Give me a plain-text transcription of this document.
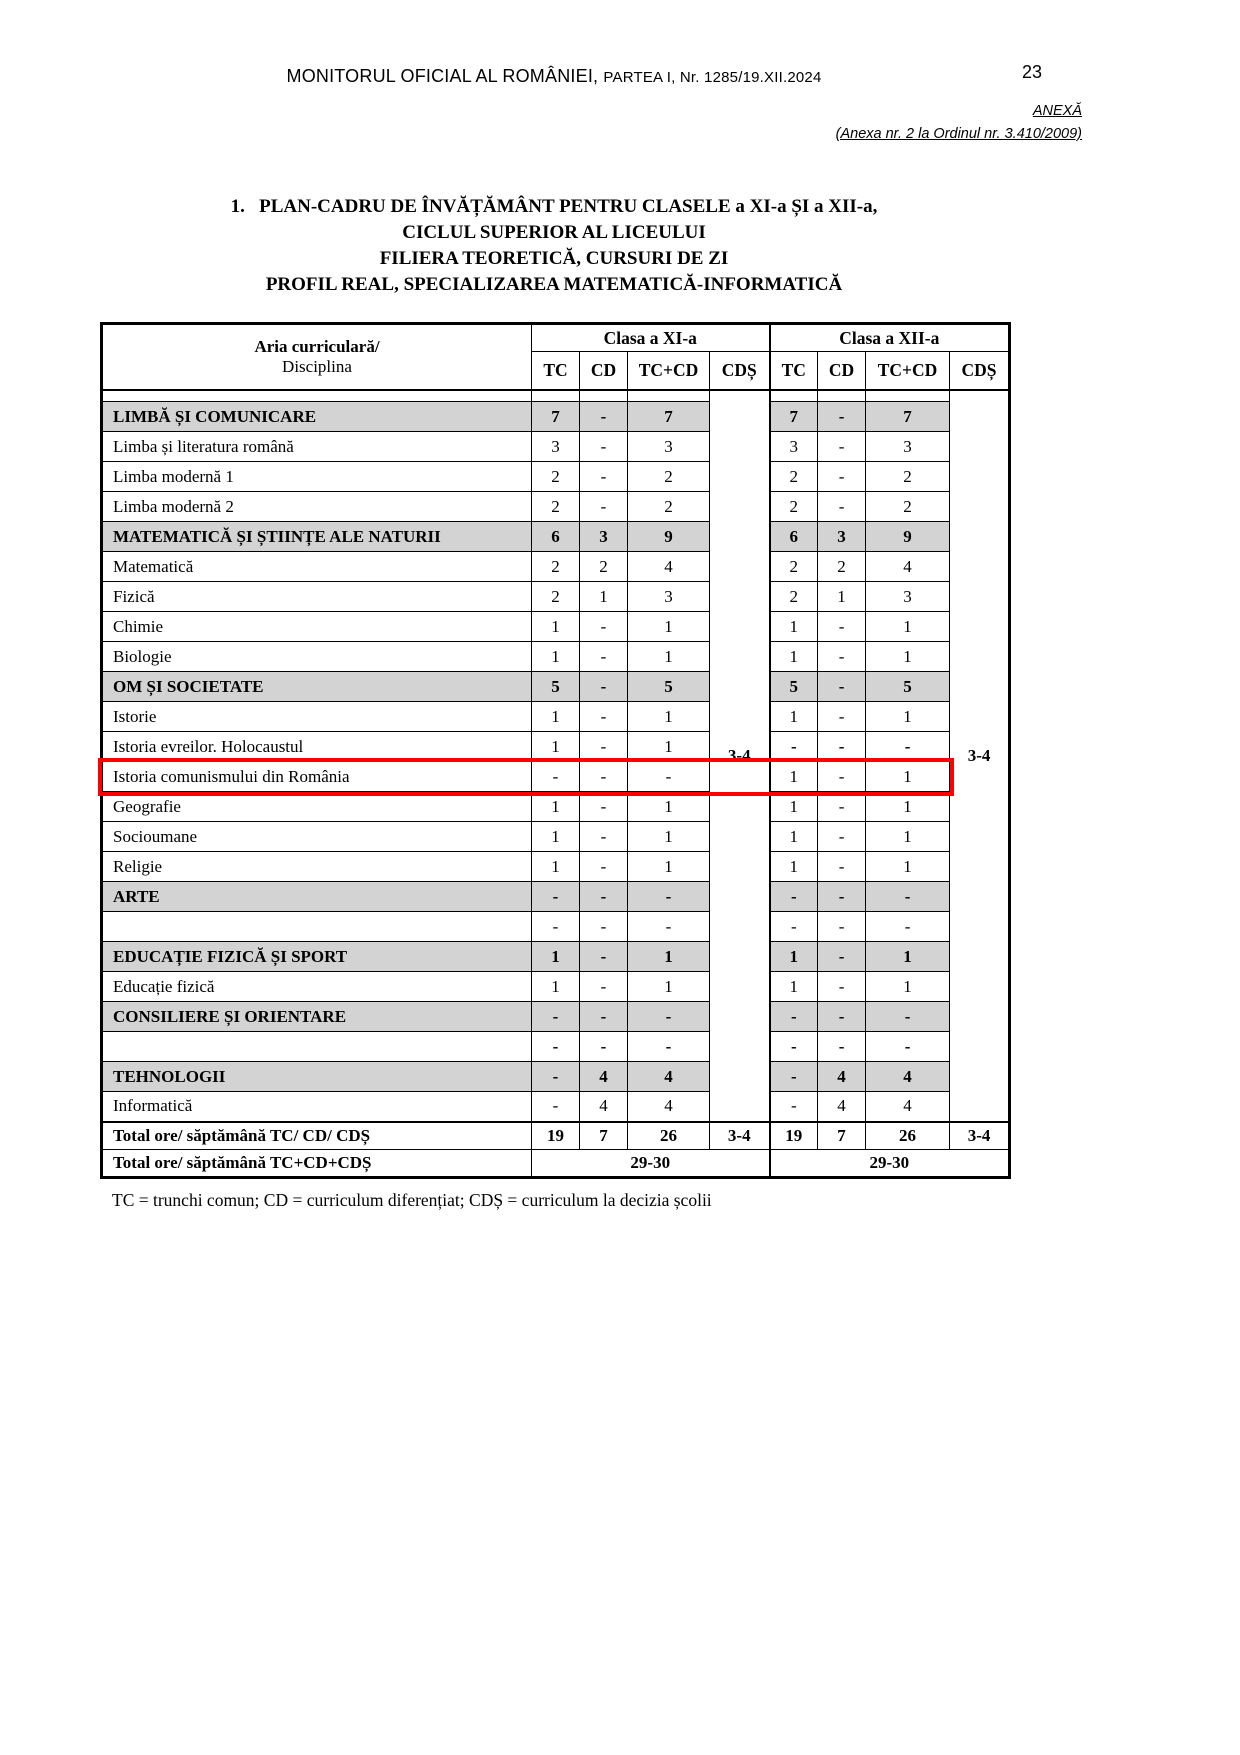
MONITORUL OFICIAL AL ROMÂNIEI, PARTEA I, Nr. 1285/19.XII.2024	23
ANEXĂ
(Anexa nr. 2 la Ordinul nr. 3.410/2009)
1.   PLAN-CADRU DE ÎNVĂȚĂMÂNT PENTRU CLASELE a XI-a ȘI a XII-a,
CICLUL SUPERIOR AL LICEULUI
FILIERA TEORETICĂ, CURSURI DE ZI
PROFIL REAL, SPECIALIZAREA MATEMATICĂ-INFORMATICĂ
Aria curriculară/
Disciplina	Clasa a XI-a				Clasa a XII-a			
	TC	CD	TC+CD	CDȘ	TC	CD	TC+CD	CDȘ
				3-4				3-4
LIMBĂ ȘI COMUNICARE	7	-	7		7	-	7	
Limba și literatura română	3	-	3		3	-	3	
Limba modernă 1	2	-	2		2	-	2	
Limba modernă 2	2	-	2		2	-	2	
MATEMATICĂ ȘI ȘTIINȚE ALE NATURII	6	3	9		6	3	9	
Matematică	2	2	4		2	2	4	
Fizică	2	1	3		2	1	3	
Chimie	1	-	1		1	-	1	
Biologie	1	-	1		1	-	1	
OM ȘI SOCIETATE	5	-	5		5	-	5	
Istorie	1	-	1		1	-	1	
Istoria evreilor. Holocaustul	1	-	1		-	-	-	
Istoria comunismului din România	-	-	-		1	-	1	
Geografie	1	-	1		1	-	1	
Socioumane	1	-	1		1	-	1	
Religie	1	-	1		1	-	1	
ARTE	-	-	-		-	-	-	
	-	-	-		-	-	-	
EDUCAȚIE FIZICĂ ȘI SPORT	1	-	1		1	-	1	
Educație fizică	1	-	1		1	-	1	
CONSILIERE ȘI ORIENTARE	-	-	-		-	-	-	
	-	-	-		-	-	-	
TEHNOLOGII	-	4	4		-	4	4	
Informatică	-	4	4		-	4	4	
Total ore/ săptămână TC/ CD/ CDȘ	19	7	26	3-4	19	7	26	3-4
Total ore/ săptămână TC+CD+CDȘ	29-30				29-30			
TC = trunchi comun; CD = curriculum diferențiat; CDȘ = curriculum la decizia școlii
